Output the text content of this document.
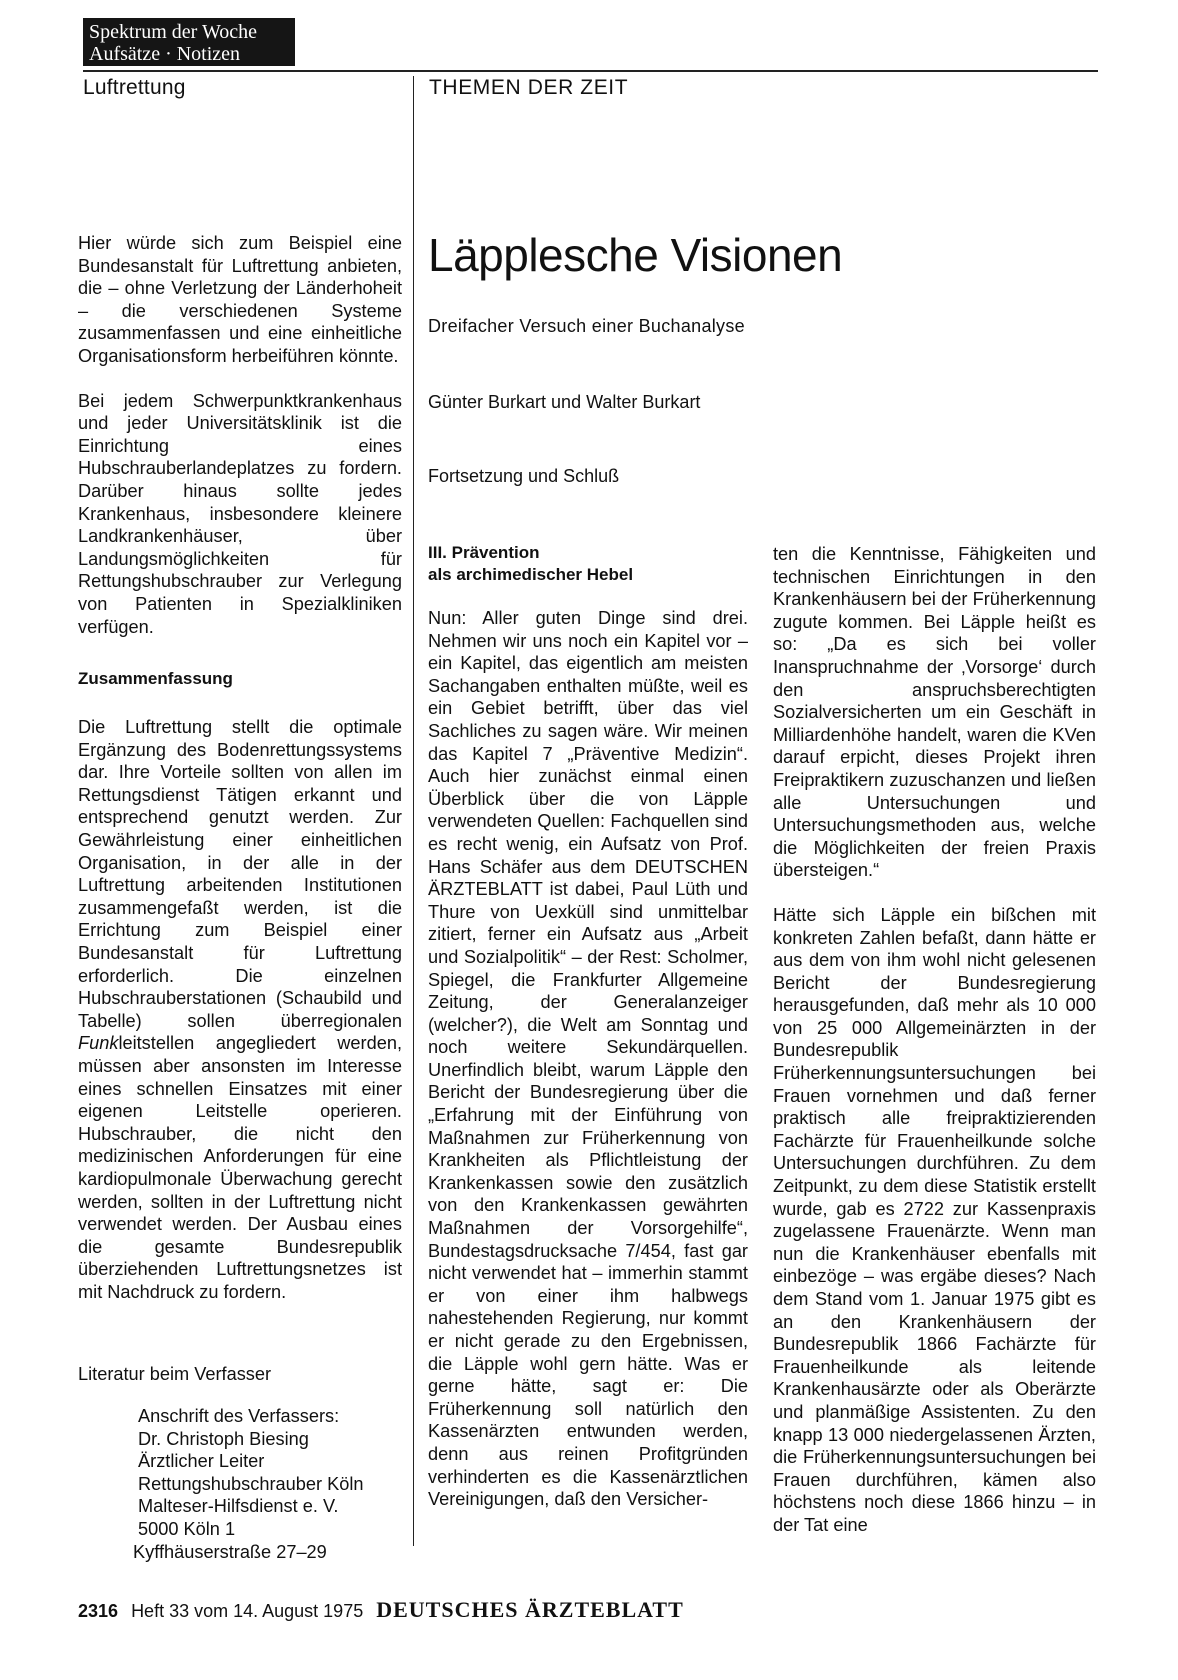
Spektrum der Woche
Aufsätze · Notizen
Luftrettung	THEMEN DER ZEIT

Hier würde sich zum Beispiel eine Bundesanstalt für Luftrettung anbieten, die – ohne Verletzung der Länderhoheit – die verschiedenen Systeme zusammenfassen und eine einheitliche Organisationsform herbeiführen könnte.

Bei jedem Schwerpunktkrankenhaus und jeder Universitätsklinik ist die Einrichtung eines Hubschrauberlandeplatzes zu fordern. Darüber hinaus sollte jedes Krankenhaus, insbesondere kleinere Landkrankenhäuser, über Landungsmöglichkeiten für Rettungshubschrauber zur Verlegung von Patienten in Spezialkliniken verfügen.

Zusammenfassung

Die Luftrettung stellt die optimale Ergänzung des Bodenrettungssystems dar. Ihre Vorteile sollten von allen im Rettungsdienst Tätigen erkannt und entsprechend genutzt werden. Zur Gewährleistung einer einheitlichen Organisation, in der alle in der Luftrettung arbeitenden Institutionen zusammengefaßt werden, ist die Errichtung zum Beispiel einer Bundesanstalt für Luftrettung erforderlich. Die einzelnen Hubschrauberstationen (Schaubild und Tabelle) sollen überregionalen Funkleitstellen angegliedert werden, müssen aber ansonsten im Interesse eines schnellen Einsatzes mit einer eigenen Leitstelle operieren. Hubschrauber, die nicht den medizinischen Anforderungen für eine kardiopulmonale Überwachung gerecht werden, sollten in der Luftrettung nicht verwendet werden. Der Ausbau eines die gesamte Bundesrepublik überziehenden Luftrettungsnetzes ist mit Nachdruck zu fordern.

Literatur beim Verfasser
Anschrift des Verfassers:
Dr. Christoph Biesing
Ärztlicher Leiter
Rettungshubschrauber Köln
Malteser-Hilfsdienst e. V.
5000 Köln 1
Kyffhäuserstraße 27–29
Läpplesche Visionen
Dreifacher Versuch einer Buchanalyse
Günter Burkart und Walter Burkart
Fortsetzung und Schluß
III. Prävention
als archimedischer Hebel

Nun: Aller guten Dinge sind drei. Nehmen wir uns noch ein Kapitel vor – ein Kapitel, das eigentlich am meisten Sachangaben enthalten müßte, weil es ein Gebiet betrifft, über das viel Sachliches zu sagen wäre. Wir meinen das Kapitel 7 „Präventive Medizin“. Auch hier zunächst einmal einen Überblick über die von Läpple verwendeten Quellen: Fachquellen sind es recht wenig, ein Aufsatz von Prof. Hans Schäfer aus dem DEUTSCHEN ÄRZTEBLATT ist dabei, Paul Lüth und Thure von Uexküll sind unmittelbar zitiert, ferner ein Aufsatz aus „Arbeit und Sozialpolitik“ – der Rest: Scholmer, Spiegel, die Frankfurter Allgemeine Zeitung, der Generalanzeiger (welcher?), die Welt am Sonntag und noch weitere Sekundärquellen. Unerfindlich bleibt, warum Läpple den Bericht der Bundesregierung über die „Erfahrung mit der Einführung von Maßnahmen zur Früherkennung von Krankheiten als Pflichtleistung der Krankenkassen sowie den zusätzlich von den Krankenkassen gewährten Maßnahmen der Vorsorgehilfe“, Bundestagsdrucksache 7/454, fast gar nicht verwendet hat – immerhin stammt er von einer ihm halbwegs nahestehenden Regierung, nur kommt er nicht gerade zu den Ergebnissen, die Läpple wohl gern hätte. Was er gerne hätte, sagt er: Die Früherkennung soll natürlich den Kassenärzten entwunden werden, denn aus reinen Profitgründen verhinderten es die Kassenärztlichen Vereinigungen, daß den Versicher-

ten die Kenntnisse, Fähigkeiten und technischen Einrichtungen in den Krankenhäusern bei der Früherkennung zugute kommen. Bei Läpple heißt es so: „Da es sich bei voller Inanspruchnahme der ‚Vorsorge‘ durch den anspruchsberechtigten Sozialversicherten um ein Geschäft in Milliardenhöhe handelt, waren die KVen darauf erpicht, dieses Projekt ihren Freipraktikern zuzuschanzen und ließen alle Untersuchungen und Untersuchungsmethoden aus, welche die Möglichkeiten der freien Praxis übersteigen.“

Hätte sich Läpple ein bißchen mit konkreten Zahlen befaßt, dann hätte er aus dem von ihm wohl nicht gelesenen Bericht der Bundesregierung herausgefunden, daß mehr als 10 000 von 25 000 Allgemeinärzten in der Bundesrepublik Früherkennungsuntersuchungen bei Frauen vornehmen und daß ferner praktisch alle freipraktizierenden Fachärzte für Frauenheilkunde solche Untersuchungen durchführen. Zu dem Zeitpunkt, zu dem diese Statistik erstellt wurde, gab es 2722 zur Kassenpraxis zugelassene Frauenärzte. Wenn man nun die Krankenhäuser ebenfalls mit einbezöge – was ergäbe dieses? Nach dem Stand vom 1. Januar 1975 gibt es an den Krankenhäusern der Bundesrepublik 1866 Fachärzte für Frauenheilkunde als leitende Krankenhausärzte oder als Oberärzte und planmäßige Assistenten. Zu den knapp 13 000 niedergelassenen Ärzten, die Früherkennungsuntersuchungen bei Frauen durchführen, kämen also höchstens noch diese 1866 hinzu – in der Tat eine

2316 Heft 33 vom 14. August 1975 DEUTSCHES ÄRZTEBLATT
